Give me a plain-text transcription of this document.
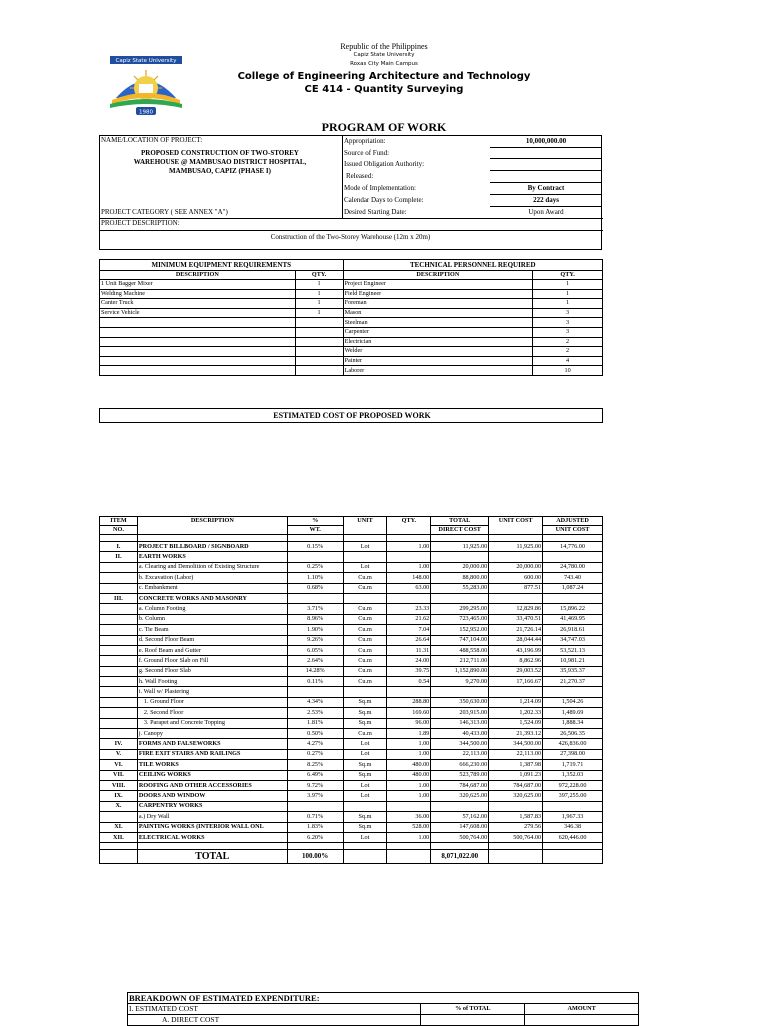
Capiz State University
1980
Republic of the Philippines
Capiz State University
Roxas City Main Campus
College of Engineering Architecture and Technology
CE 414 - Quantity Surveying
PROGRAM OF WORK
NAME/LOCATION OF PROJECT:
PROPOSED CONSTRUCTION OF TWO-STOREY
WAREHOUSE @ MAMBUSAO DISTRICT HOSPITAL,
MAMBUSAO, CAPIZ (PHASE I)
Appropriation:	10,000,000.00
Source of Fund:
Issued Obligation Authority:
Released:
Mode of Implementation:	By Contract
Calendar Days to Complete:	222 days
PROJECT CATEGORY ( SEE ANNEX "A")	Desired Starting Date:	Upon Award
PROJECT DESCRIPTION:
Construction of the Two-Storey Warehouse (12m x 20m)
MINIMUM EQUIPMENT REQUIREMENTS		TECHNICAL PERSONNEL REQUIRED	
DESCRIPTION	QTY.	DESCRIPTION	QTY.
1 Unit Bagger Mixer	1	Project Engineer	1
Welding Machine	1	Field Engineer	1
Canter Truck	1	Foreman	1
Service Vehicle	1	Mason	3
		Steelman	3
		Carpenter	3
		Electrician	2
		Welder	2
		Painter	4
		Laborer	10
ESTIMATED COST OF PROPOSED WORK
ITEM	DESCRIPTION	%	UNIT	QTY.	TOTAL	UNIT COST	ADJUSTED
NO.		WT.			DIRECT COST		UNIT COST

I.	PROJECT BILLBOARD / SIGNBOARD	0.15%	Lot	1.00	11,925.00	11,925.00	14,776.00
II.	EARTH WORKS						
	a. Clearing and Demolition of Existing Structure	0.25%	Lot	1.00	20,000.00	20,000.00	24,780.00
	b. Excavation (Labor)	1.10%	Cu.m	148.00	88,800.00	600.00	743.40
	c. Embankment	0.68%	Cu.m	63.00	55,283.00	877.51	1,087.24
III.	CONCRETE WORKS AND MASONRY						
	a. Column Footing	3.71%	Cu.m	23.33	299,295.00	12,829.86	15,896.22
	b. Column	8.96%	Cu.m	21.62	723,465.00	33,470.51	41,469.95
	c. Tie Beam	1.90%	Cu.m	7.04	152,952.00	21,726.14	26,918.61
	d. Second Floor Beam	9.26%	Cu.m	26.64	747,104.00	28,044.44	34,747.03
	e. Roof Beam and Gutter	6.05%	Cu.m	11.31	488,558.00	43,196.99	53,521.13
	f. Ground Floor Slab on Fill	2.64%	Cu.m	24.00	212,711.00	8,862.96	10,981.21
	g. Second Floor Slab	14.28%	Cu.m	39.75	1,152,890.00	29,003.52	35,935.37
	h. Wall Footing	0.11%	Cu.m	0.54	9,270.00	17,166.67	21,270.37
	i. Wall w/ Plastering						
	1. Ground Floor	4.34%	Sq.m	288.80	350,630.00	1,214.09	1,504.26
	2. Second Floor	2.53%	Sq.m	169.60	203,915.00	1,202.33	1,489.69
	3. Parapet and Concrete Topping	1.81%	Sq.m	96.00	146,313.00	1,524.09	1,888.34
	j. Canopy	0.50%	Cu.m	1.89	40,433.00	21,393.12	26,506.35
IV.	FORMS AND FALSEWORKS	4.27%	Lot	1.00	344,500.00	344,500.00	426,836.00
V.	FIRE EXIT STAIRS AND RAILINGS	0.27%	Lot	1.00	22,113.00	22,113.00	27,398.00
VI.	TILE WORKS	8.25%	Sq.m	480.00	666,230.00	1,387.98	1,719.71
VII.	CEILING WORKS	6.49%	Sq.m	480.00	523,789.00	1,091.23	1,352.03
VIII.	ROOFING AND OTHER ACCESSORIES	9.72%	Lot	1.00	784,687.00	784,687.00	972,228.00
IX.	DOORS AND WINDOW	3.97%	Lot	1.00	320,625.00	320,625.00	397,255.00
X.	CARPENTRY WORKS						
	a.) Dry Wall	0.71%	Sq.m	36.00	57,162.00	1,587.83	1,967.33
XI.	PAINTING WORKS (INTERIOR WALL ONL	1.83%	Sq.m	528.00	147,608.00	279.56	346.38
XII.	ELECTRICAL WORKS	6.20%	Lot	1.00	500,764.00	500,764.00	620,446.00

	TOTAL	100.00%			8,071,022.00		
BREAKDOWN OF ESTIMATED EXPENDITURE:		
I. ESTIMATED COST	% of TOTAL	AMOUNT
A. DIRECT COST		
